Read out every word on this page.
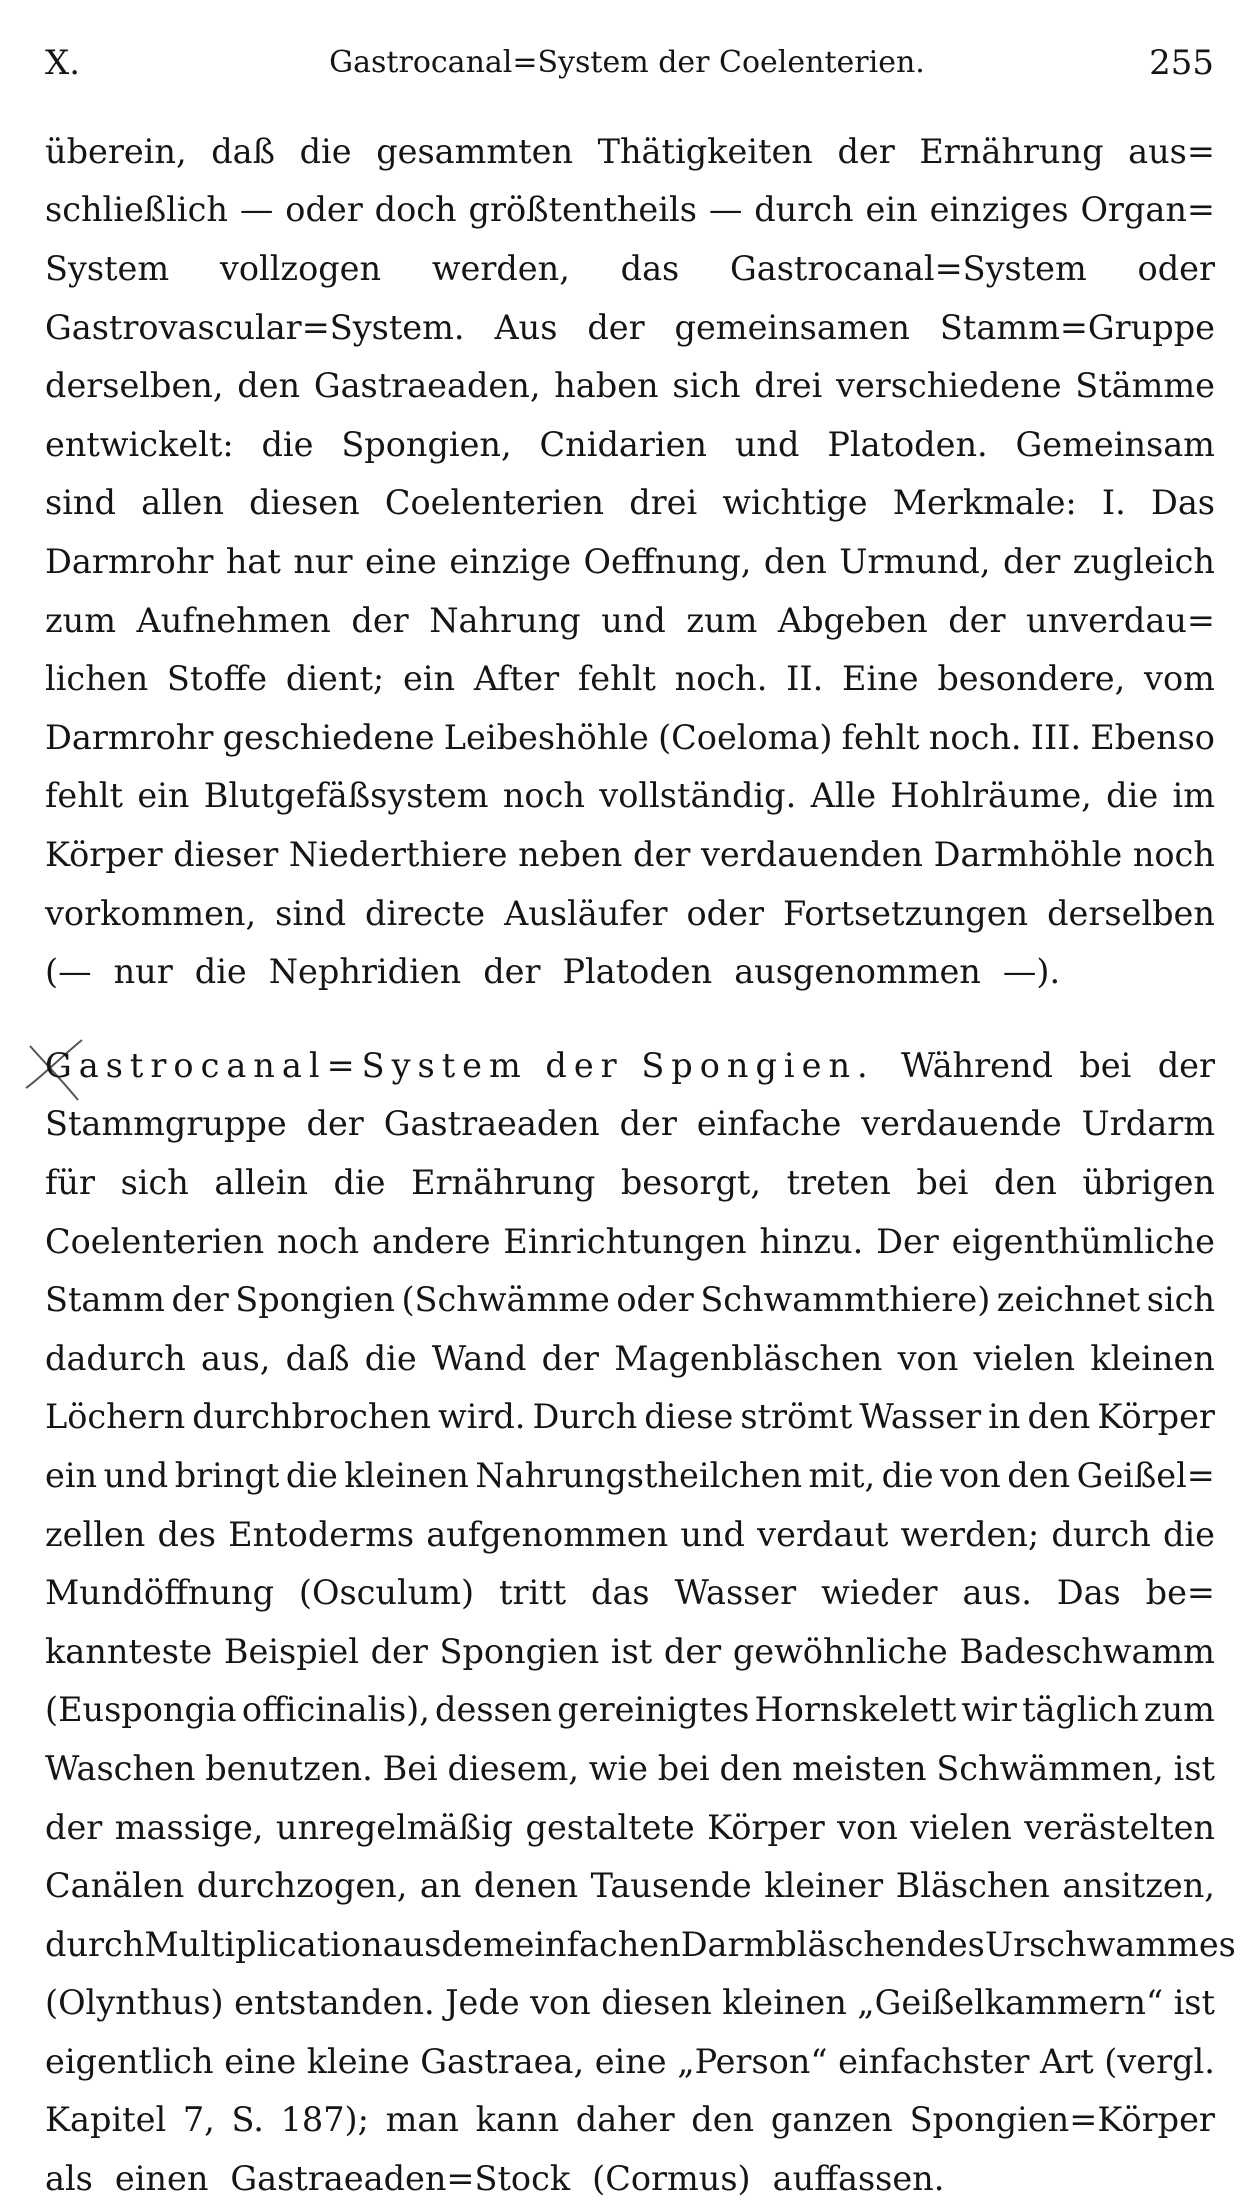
X.	Gastrocanal=System der Coelenterien.	255
überein, daß die gesammten Thätigkeiten der Ernährung aus=
schließlich — oder doch größtentheils — durch ein einziges Organ=
System vollzogen werden, das Gastrocanal=System oder
Gastrovascular=System. Aus der gemeinsamen Stamm=Gruppe
derselben, den Gastraeaden, haben sich drei verschiedene Stämme
entwickelt: die Spongien, Cnidarien und Platoden. Gemeinsam
sind allen diesen Coelenterien drei wichtige Merkmale: I. Das
Darmrohr hat nur eine einzige Oeffnung, den Urmund, der zugleich
zum Aufnehmen der Nahrung und zum Abgeben der unverdau=
lichen Stoffe dient; ein After fehlt noch. II. Eine besondere, vom
Darmrohr geschiedene Leibeshöhle (Coeloma) fehlt noch. III. Ebenso
fehlt ein Blutgefäßsystem noch vollständig. Alle Hohlräume, die im
Körper dieser Niederthiere neben der verdauenden Darmhöhle noch
vorkommen, sind directe Ausläufer oder Fortsetzungen derselben
(— nur die Nephridien der Platoden ausgenommen —).
Gastrocanal=System der Spongien. Während bei der
Stammgruppe der Gastraeaden der einfache verdauende Urdarm
für sich allein die Ernährung besorgt, treten bei den übrigen
Coelenterien noch andere Einrichtungen hinzu. Der eigenthümliche
Stamm der Spongien (Schwämme oder Schwammthiere) zeichnet sich
dadurch aus, daß die Wand der Magenbläschen von vielen kleinen
Löchern durchbrochen wird. Durch diese strömt Wasser in den Körper
ein und bringt die kleinen Nahrungstheilchen mit, die von den Geißel=
zellen des Entoderms aufgenommen und verdaut werden; durch die
Mundöffnung (Osculum) tritt das Wasser wieder aus. Das be=
kannteste Beispiel der Spongien ist der gewöhnliche Badeschwamm
(Euspongia officinalis), dessen gereinigtes Hornskelett wir täglich zum
Waschen benutzen. Bei diesem, wie bei den meisten Schwämmen, ist
der massige, unregelmäßig gestaltete Körper von vielen verästelten
Canälen durchzogen, an denen Tausende kleiner Bläschen ansitzen,
durch Multiplication aus dem einfachen Darmbläschen des Urschwammes
(Olynthus) entstanden. Jede von diesen kleinen „Geißelkammern“ ist
eigentlich eine kleine Gastraea, eine „Person“ einfachster Art (vergl.
Kapitel 7, S. 187); man kann daher den ganzen Spongien=Körper
als einen Gastraeaden=Stock (Cormus) auffassen.
